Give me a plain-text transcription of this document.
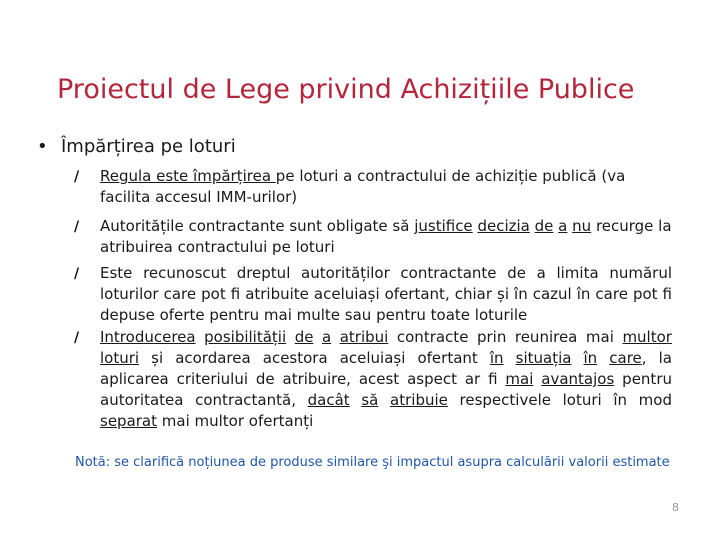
Proiectul de Lege privind Achizițiile Publice
• Împărțirea pe loturi
/ Regula este împărțirea pe loturi a contractului de achiziție publică (va facilita accesul IMM-urilor)
/ Autoritățile contractante sunt obligate să justifice decizia de a nu recurge la atribuirea contractului pe loturi
/ Este recunoscut dreptul autorităților contractante de a limita numărul loturilor care pot fi atribuite aceluiași ofertant, chiar și în cazul în care pot fi depuse oferte pentru mai multe sau pentru toate loturile
/ Introducerea posibilității de a atribui contracte prin reunirea mai multor loturi și acordarea acestora aceluiași ofertant în situația în care, la aplicarea criteriului de atribuire, acest aspect ar fi mai avantajos pentru autoritatea contractantă, dacât să atribuie respectivele loturi în mod separat mai multor ofertanți
Notă: se clarifică noțiunea de produse similare şi impactul asupra calculării valorii estimate
8
